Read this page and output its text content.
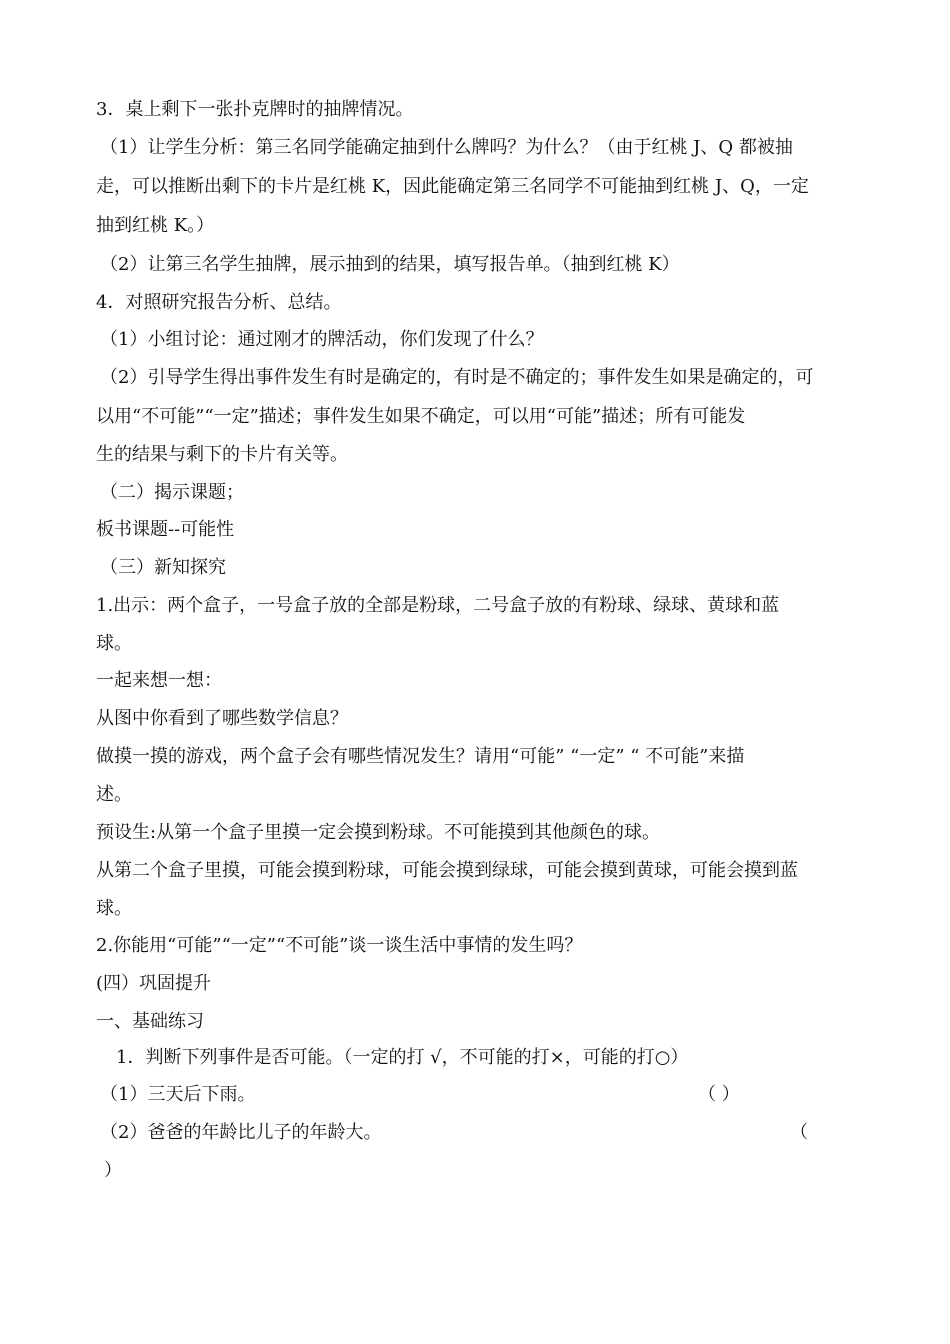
3．桌上剩下一张扑克牌时的抽牌情况。
（1）让学生分析：第三名同学能确定抽到什么牌吗？为什么？（由于红桃 J、Q 都被抽
走，可以推断出剩下的卡片是红桃 K，因此能确定第三名同学不可能抽到红桃 J、Q，一定
抽到红桃 K。）
（2）让第三名学生抽牌，展示抽到的结果，填写报告单。（抽到红桃 K）
4．对照研究报告分析、总结。
（1）小组讨论：通过刚才的牌活动，你们发现了什么？
（2）引导学生得出事件发生有时是确定的，有时是不确定的；事件发生如果是确定的，可
以用“不可能”“一定”描述；事件发生如果不确定，可以用“可能”描述；所有可能发
生的结果与剩下的卡片有关等。
（二）揭示课题；
板书课题--可能性
（三）新知探究
1.出示：两个盒子，一号盒子放的全部是粉球，二号盒子放的有粉球、绿球、黄球和蓝
球。
一起来想一想：
从图中你看到了哪些数学信息？
做摸一摸的游戏，两个盒子会有哪些情况发生？请用“可能” “一定” “ 不可能”来描
述。
预设生:从第一个盒子里摸一定会摸到粉球。不可能摸到其他颜色的球。
从第二个盒子里摸，可能会摸到粉球，可能会摸到绿球，可能会摸到黄球，可能会摸到蓝
球。
2.你能用“可能”“一定”“不可能”谈一谈生活中事情的发生吗？
(四）巩固提升
一、基础练习
1．判断下列事件是否可能。（一定的打 √，不可能的打×，可能的打○）
（1）三天后下雨。	（ ）
（2）爸爸的年龄比儿子的年龄大。	（
）
